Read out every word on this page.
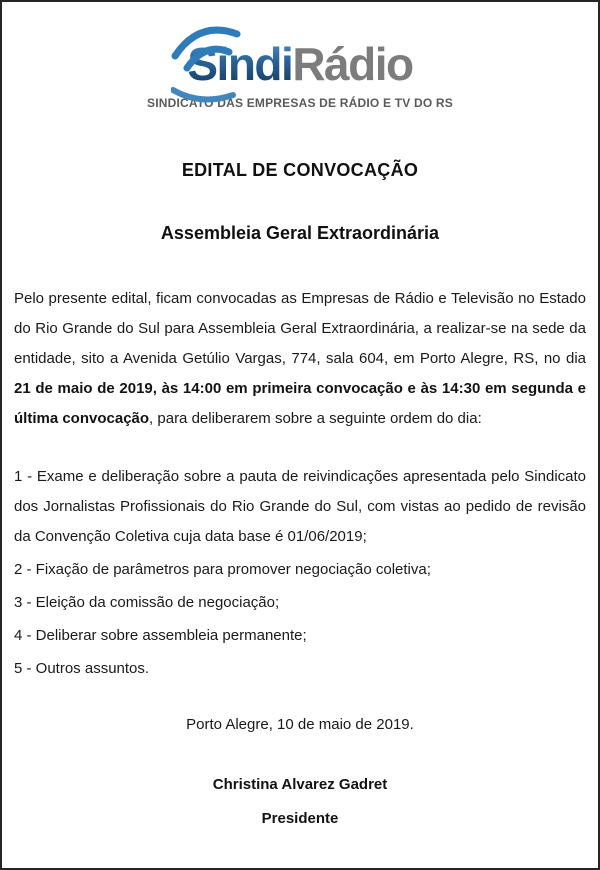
SindiRádio
SINDICATO DAS EMPRESAS DE RÁDIO E TV DO RS
EDITAL DE CONVOCAÇÃO
Assembleia Geral Extraordinária

Pelo presente edital, ficam convocadas as Empresas de Rádio e Televisão no Estado do Rio Grande do Sul para Assembleia Geral Extraordinária, a realizar-se na sede da entidade, sito a Avenida Getúlio Vargas, 774, sala 604, em Porto Alegre, RS, no dia 21 de maio de 2019, às 14:00 em primeira convocação e às 14:30 em segunda e última convocação, para deliberarem sobre a seguinte ordem do dia:

1 - Exame e deliberação sobre a pauta de reivindicações apresentada pelo Sindicato dos Jornalistas Profissionais do Rio Grande do Sul, com vistas ao pedido de revisão da Convenção Coletiva cuja data base é 01/06/2019;

2 - Fixação de parâmetros para promover negociação coletiva;

3 - Eleição da comissão de negociação;

4 - Deliberar sobre assembleia permanente;

5 - Outros assuntos.

Porto Alegre, 10 de maio de 2019.

Christina Alvarez Gadret

Presidente
